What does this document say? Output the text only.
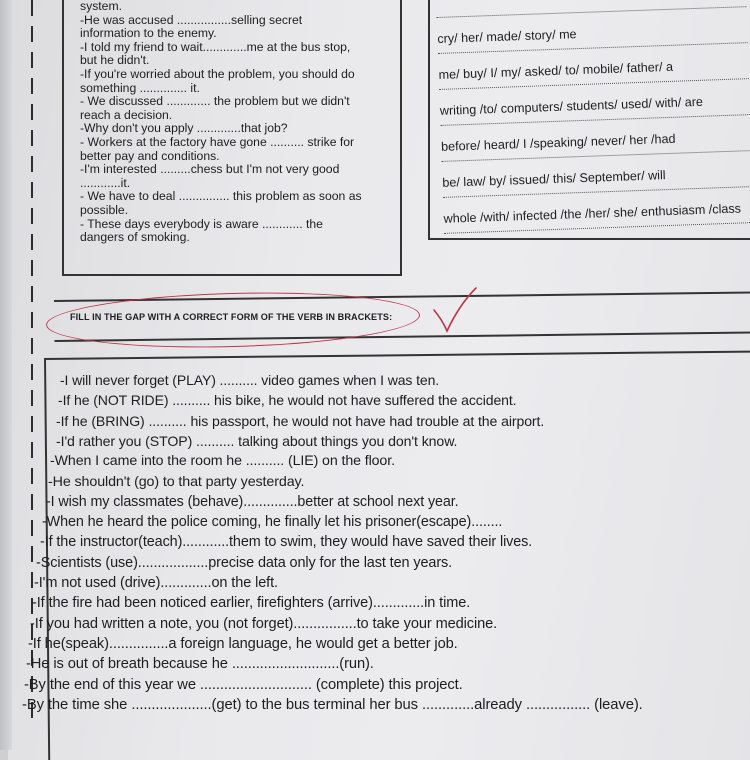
system.
-He was accused ................selling secret
information to the enemy.
-I told my friend to wait.............me at the bus stop,
but he didn't.
-If you're worried about the problem, you should do
something .............. it.
- We discussed ............. the problem but we didn't
reach a decision.
-Why don't you apply .............that job?
- Workers at the factory have gone .......... strike for
better pay and conditions.
-I'm interested .........chess but I'm not very good
............it.
- We have to deal ............... this problem as soon as
possible.
- These days everybody is aware ............ the
dangers of smoking.
cry/ her/ made/ story/ me
me/ buy/ I/ my/ asked/ to/ mobile/ father/ a
writing /to/ computers/ students/ used/ with/ are
before/ heard/ I /speaking/ never/ her /had
be/ law/ by/ issued/ this/ September/ will
whole /with/ infected /the /her/ she/ enthusiasm /class
FILL IN THE GAP WITH A CORRECT FORM OF THE VERB IN BRACKETS:
-I will never forget (PLAY) .......... video games when I was ten.
-If he (NOT RIDE) .......... his bike, he would not have suffered the accident.
-If he (BRING) .......... his passport, he would not have had trouble at the airport.
-I'd rather you (STOP) .......... talking about things you don't know.
-When I came into the room he .......... (LIE) on the floor.
-He shouldn't (go) to that party yesterday.
-I wish my classmates (behave)..............better at school next year.
-When he heard the police coming, he finally let his prisoner(escape)........
-If the instructor(teach)............them to swim, they would have saved their lives.
-Scientists (use)..................precise data only for the last ten years.
-I'm not used (drive).............on the left.
-If the fire had been noticed earlier, firefighters (arrive).............in time.
-If you had written a note, you (not forget)................to take your medicine.
-If he(speak)...............a foreign language, he would get a better job.
-He is out of breath because he ...........................(run).
-By the end of this year we ............................ (complete) this project.
-By the time she ....................(get) to the bus terminal her bus .............already ................ (leave).
